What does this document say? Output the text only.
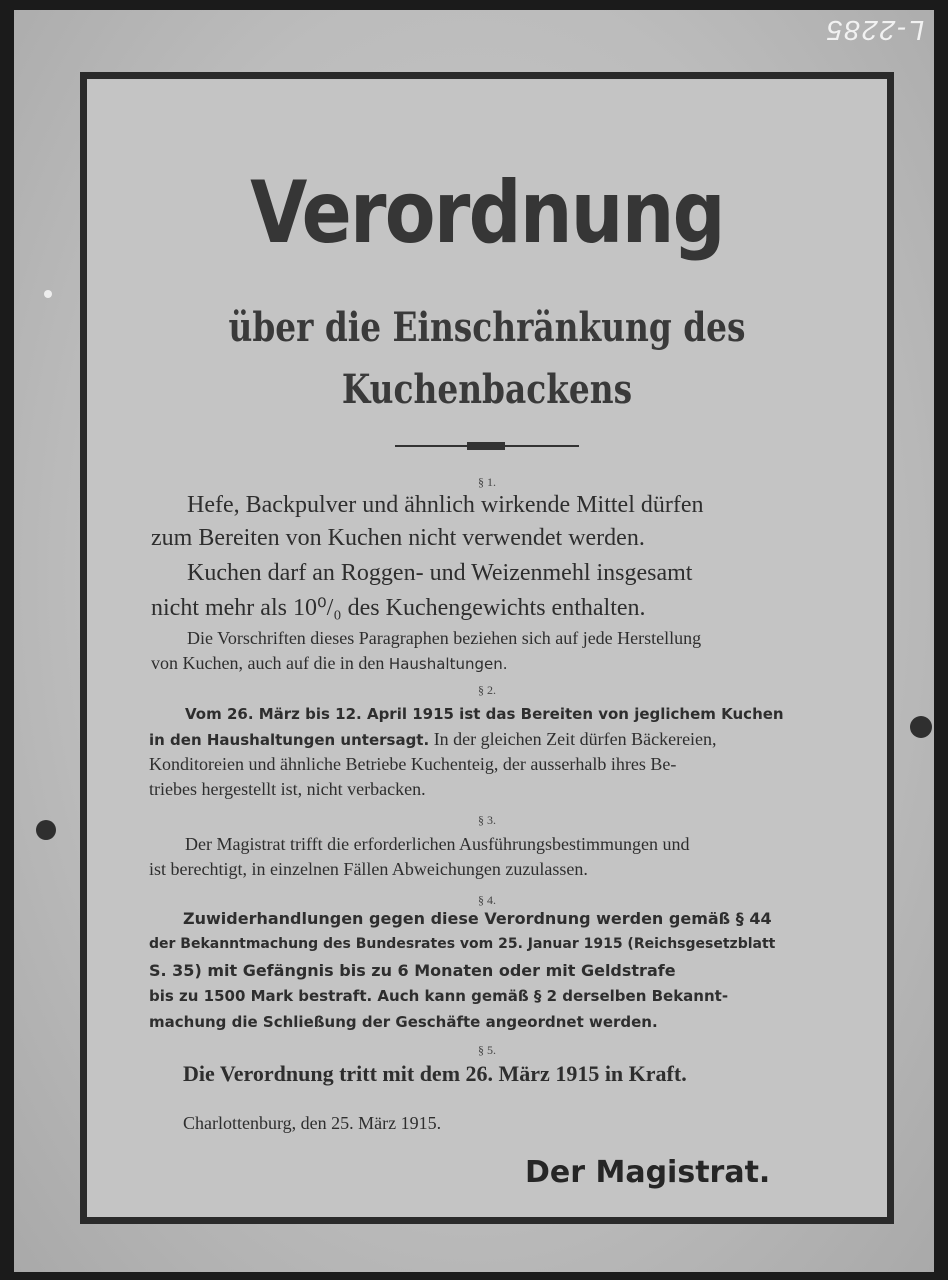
L-2285
Verordnung
über die Einschränkung des
Kuchenbackens
§ 1.
Hefe, Backpulver und ähnlich wirkende Mittel dürfen
zum Bereiten von Kuchen nicht verwendet werden.
Kuchen darf an Roggen- und Weizenmehl insgesamt
nicht mehr als 10⁰/₀ des Kuchengewichts enthalten.
Die Vorschriften dieses Paragraphen beziehen sich auf jede Herstellung
von Kuchen, auch auf die in den Haushaltungen.
§ 2.
Vom 26. März bis 12. April 1915 ist das Bereiten von jeglichem Kuchen
in den Haushaltungen untersagt. In der gleichen Zeit dürfen Bäckereien,
Konditoreien und ähnliche Betriebe Kuchenteig, der ausserhalb ihres Be-
triebes hergestellt ist, nicht verbacken.
§ 3.
Der Magistrat trifft die erforderlichen Ausführungsbestimmungen und
ist berechtigt, in einzelnen Fällen Abweichungen zuzulassen.
§ 4.
Zuwiderhandlungen gegen diese Verordnung werden gemäß § 44
der Bekanntmachung des Bundesrates vom 25. Januar 1915 (Reichsgesetzblatt
S. 35) mit Gefängnis bis zu 6 Monaten oder mit Geldstrafe
bis zu 1500 Mark bestraft. Auch kann gemäß § 2 derselben Bekannt-
machung die Schließung der Geschäfte angeordnet werden.
§ 5.
Die Verordnung tritt mit dem 26. März 1915 in Kraft.
Charlottenburg, den 25. März 1915.
Der Magistrat.
